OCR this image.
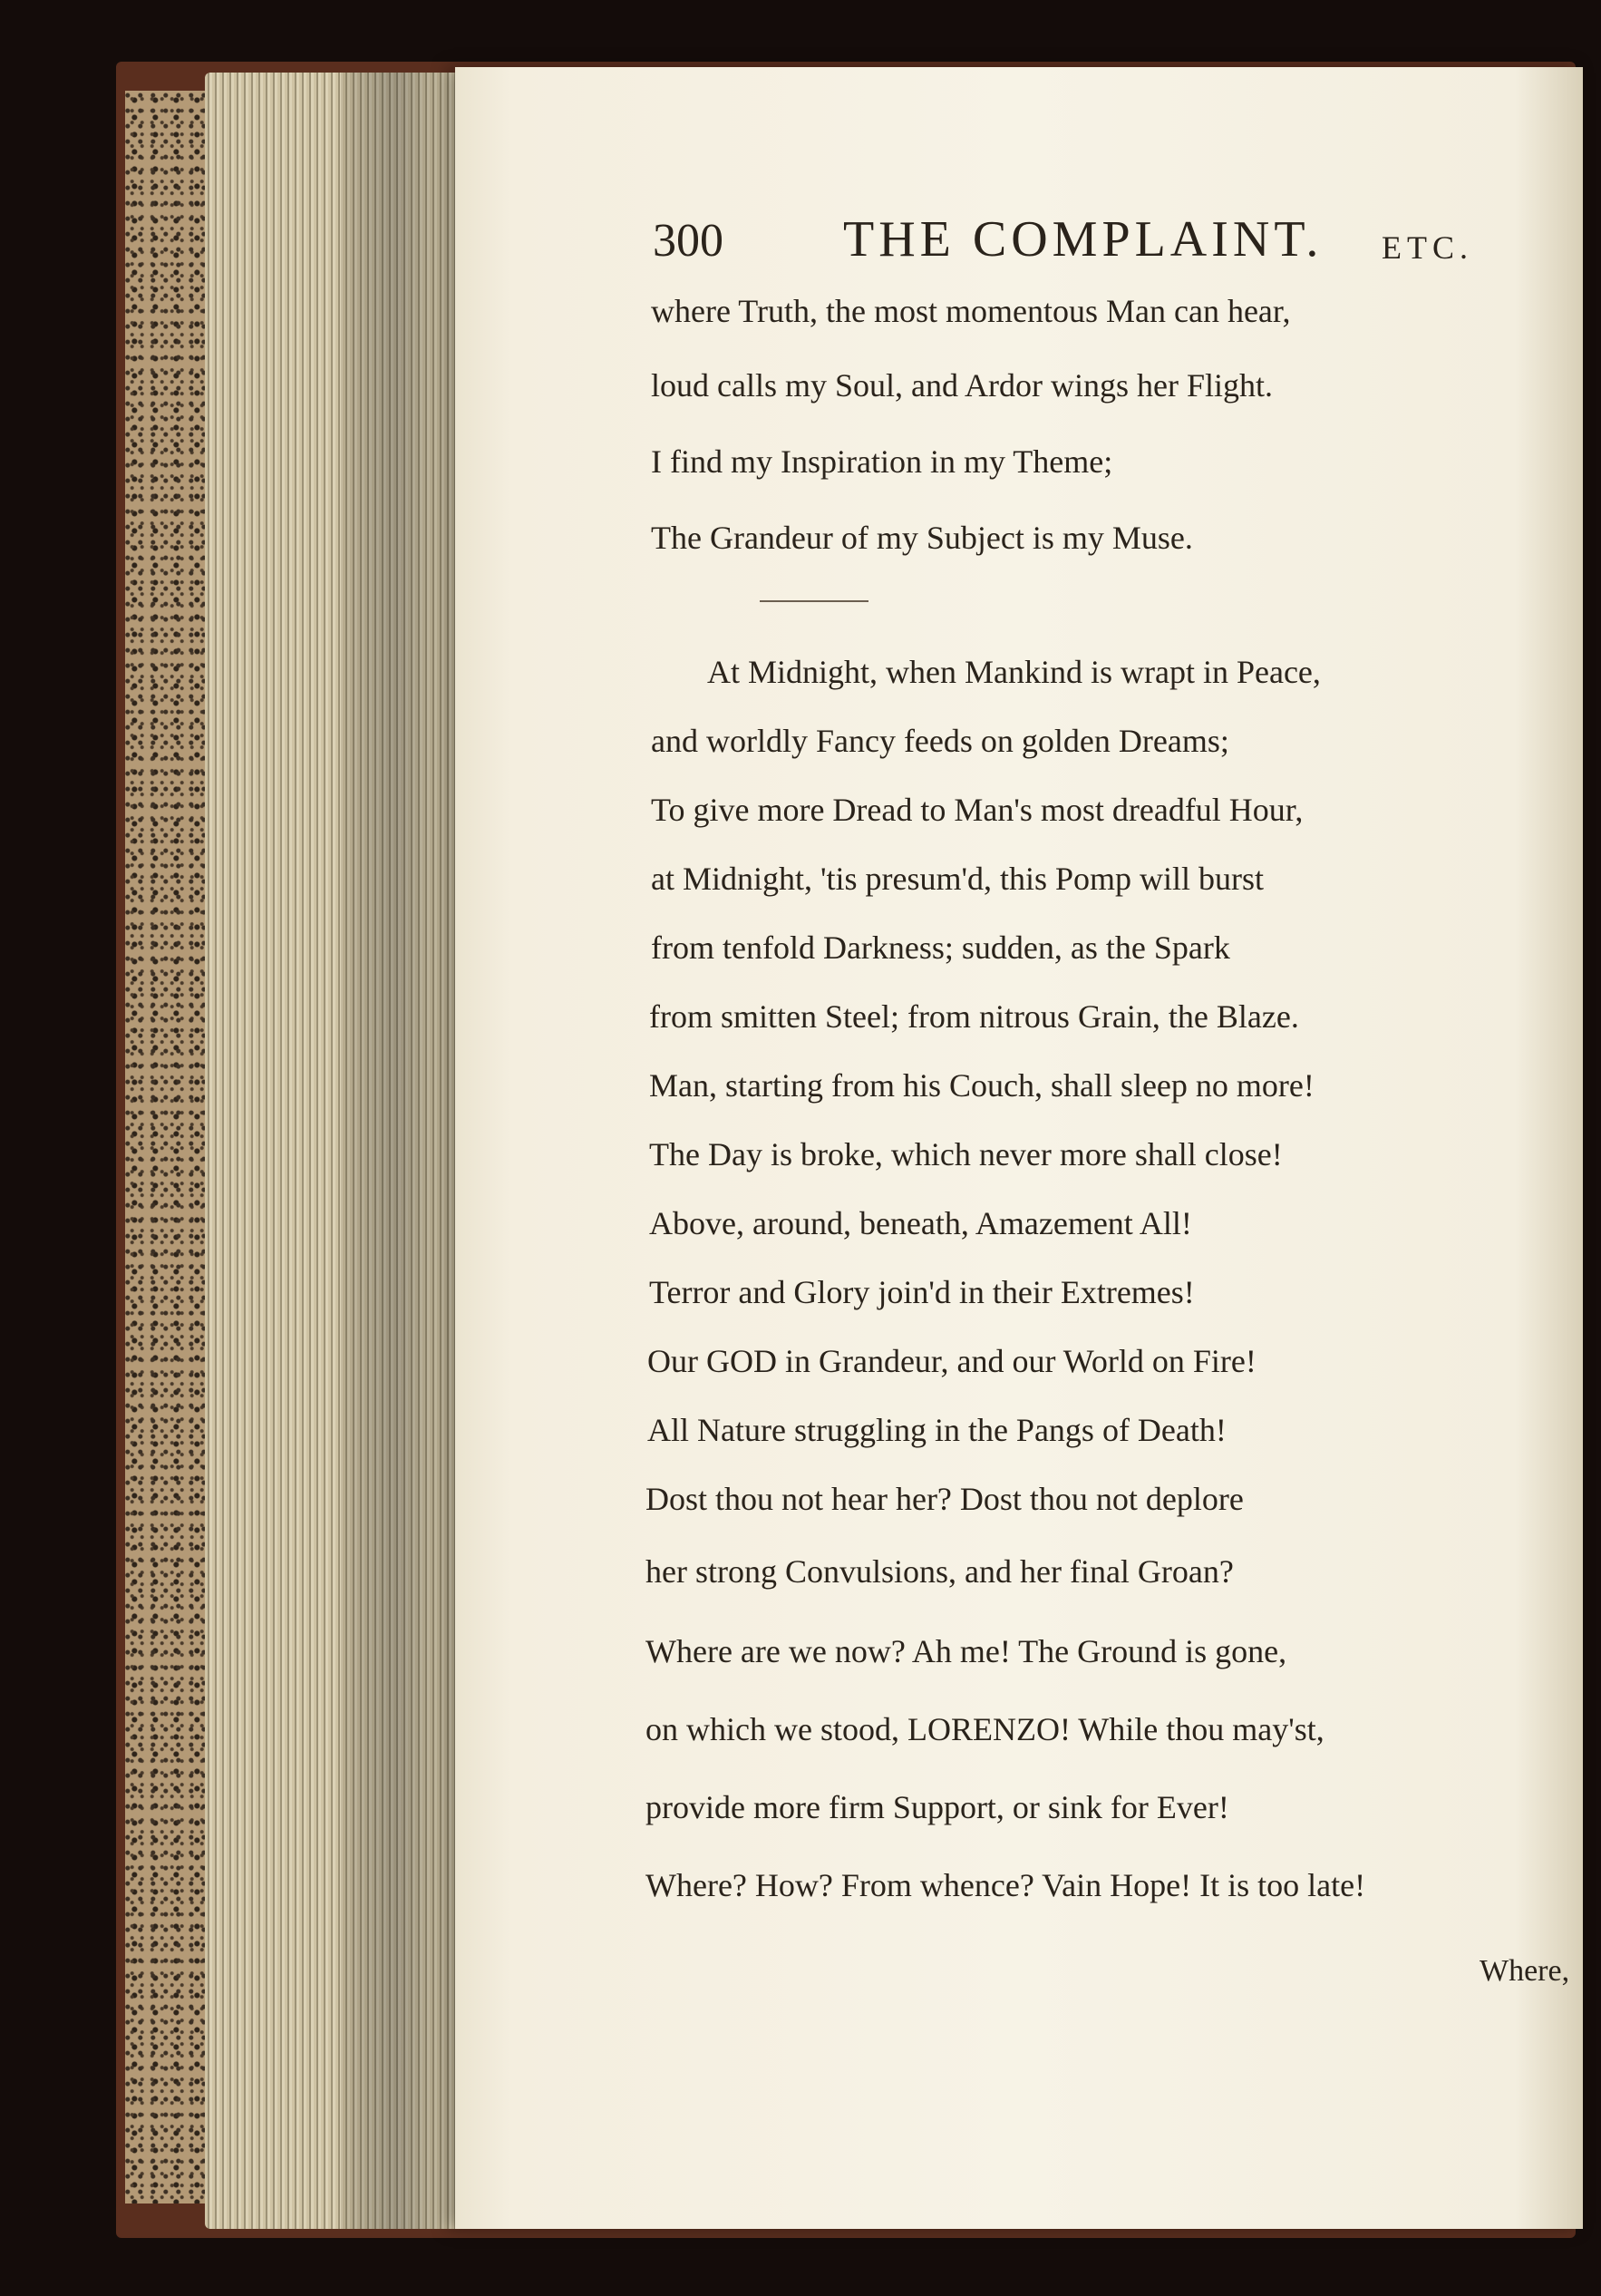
300 THE COMPLAINT. ETC.
where Truth, the most momentous Man can hear,
loud calls my Soul, and Ardor wings her Flight.
I find my Inspiration in my Theme;
The Grandeur of my Subject is my Muse.
At Midnight, when Mankind is wrapt in Peace,
and worldly Fancy feeds on golden Dreams;
To give more Dread to Man's most dreadful Hour,
at Midnight, 'tis presum'd, this Pomp will burst
from tenfold Darkness; sudden, as the Spark
from smitten Steel; from nitrous Grain, the Blaze.
Man, starting from his Couch, shall sleep no more!
The Day is broke, which never more shall close!
Above, around, beneath, Amazement All!
Terror and Glory join'd in their Extremes!
Our GOD in Grandeur, and our World on Fire!
All Nature struggling in the Pangs of Death!
Dost thou not hear her? Dost thou not deplore
her strong Convulsions, and her final Groan?
Where are we now? Ah me! The Ground is gone,
on which we stood, LORENZO! While thou may'st,
provide more firm Support, or sink for Ever!
Where? How? From whence? Vain Hope! It is too late!
Where,
